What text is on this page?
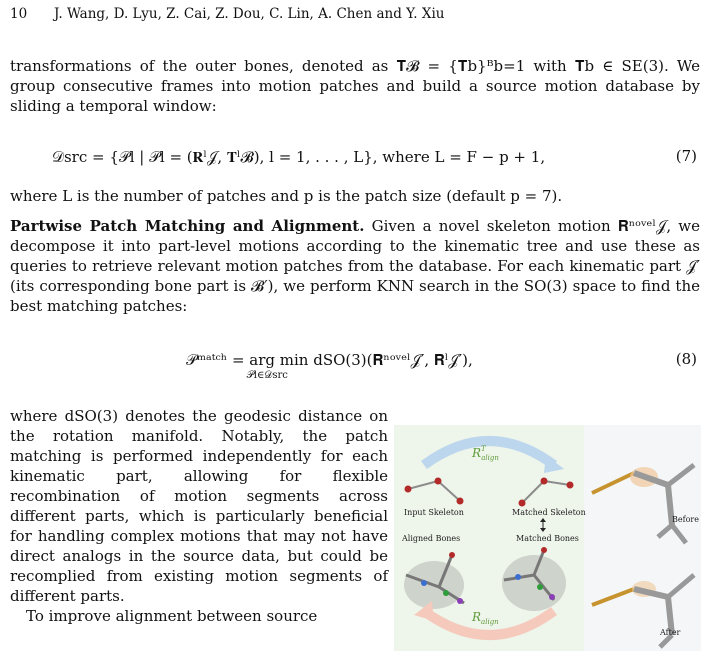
10 J. Wang, D. Lyu, Z. Cai, Z. Dou, C. Lin, A. Chen and Y. Xiu

transformations of the outer bones, denoted as 𝐓𝓑 = {𝐓b}ᴮb=1 with 𝐓b ∈ SE(3). We group consecutive frames into motion patches and build a source motion database by sliding a temporal window:

𝒟src = {𝒫l | 𝒫l = (𝐑ˡ𝒥, 𝐓ˡ𝓑), l = 1, . . . , L}, where L = F − p + 1,	(7)

where L is the number of patches and p is the patch size (default p = 7).

Partwise Patch Matching and Alignment. Given a novel skeleton motion 𝐑ⁿᵒᵛᵉˡ𝒥, we decompose it into part-level motions according to the kinematic tree and use these as queries to retrieve relevant motion patches from the database. For each kinematic part 𝒥′ (its corresponding bone part is 𝓑′), we perform KNN search in the SO(3) space to find the best matching patches:

𝒫ᵐᵃᵗᶜʰ = arg min

𝒫l∈𝒟src
dSO(3)(𝐑ⁿᵒᵛᵉˡ𝒥′, 𝐑ˡ𝒥′),	(8)

where dSO(3) denotes the geodesic distance on the rotation manifold. Notably, the patch matching is performed independently for each kinematic part, allowing for flexible recombination of motion segments across different parts, which is particularly beneficial for handling complex motions that may not have direct analogs in the source data, but could be recomplied from existing motion segments of different parts.

To improve alignment between source

$R^T$ align
Input Skeleton	Matched Skeleton
Matched Bones
Aligned Bones
$R_{align}$
Before
After
